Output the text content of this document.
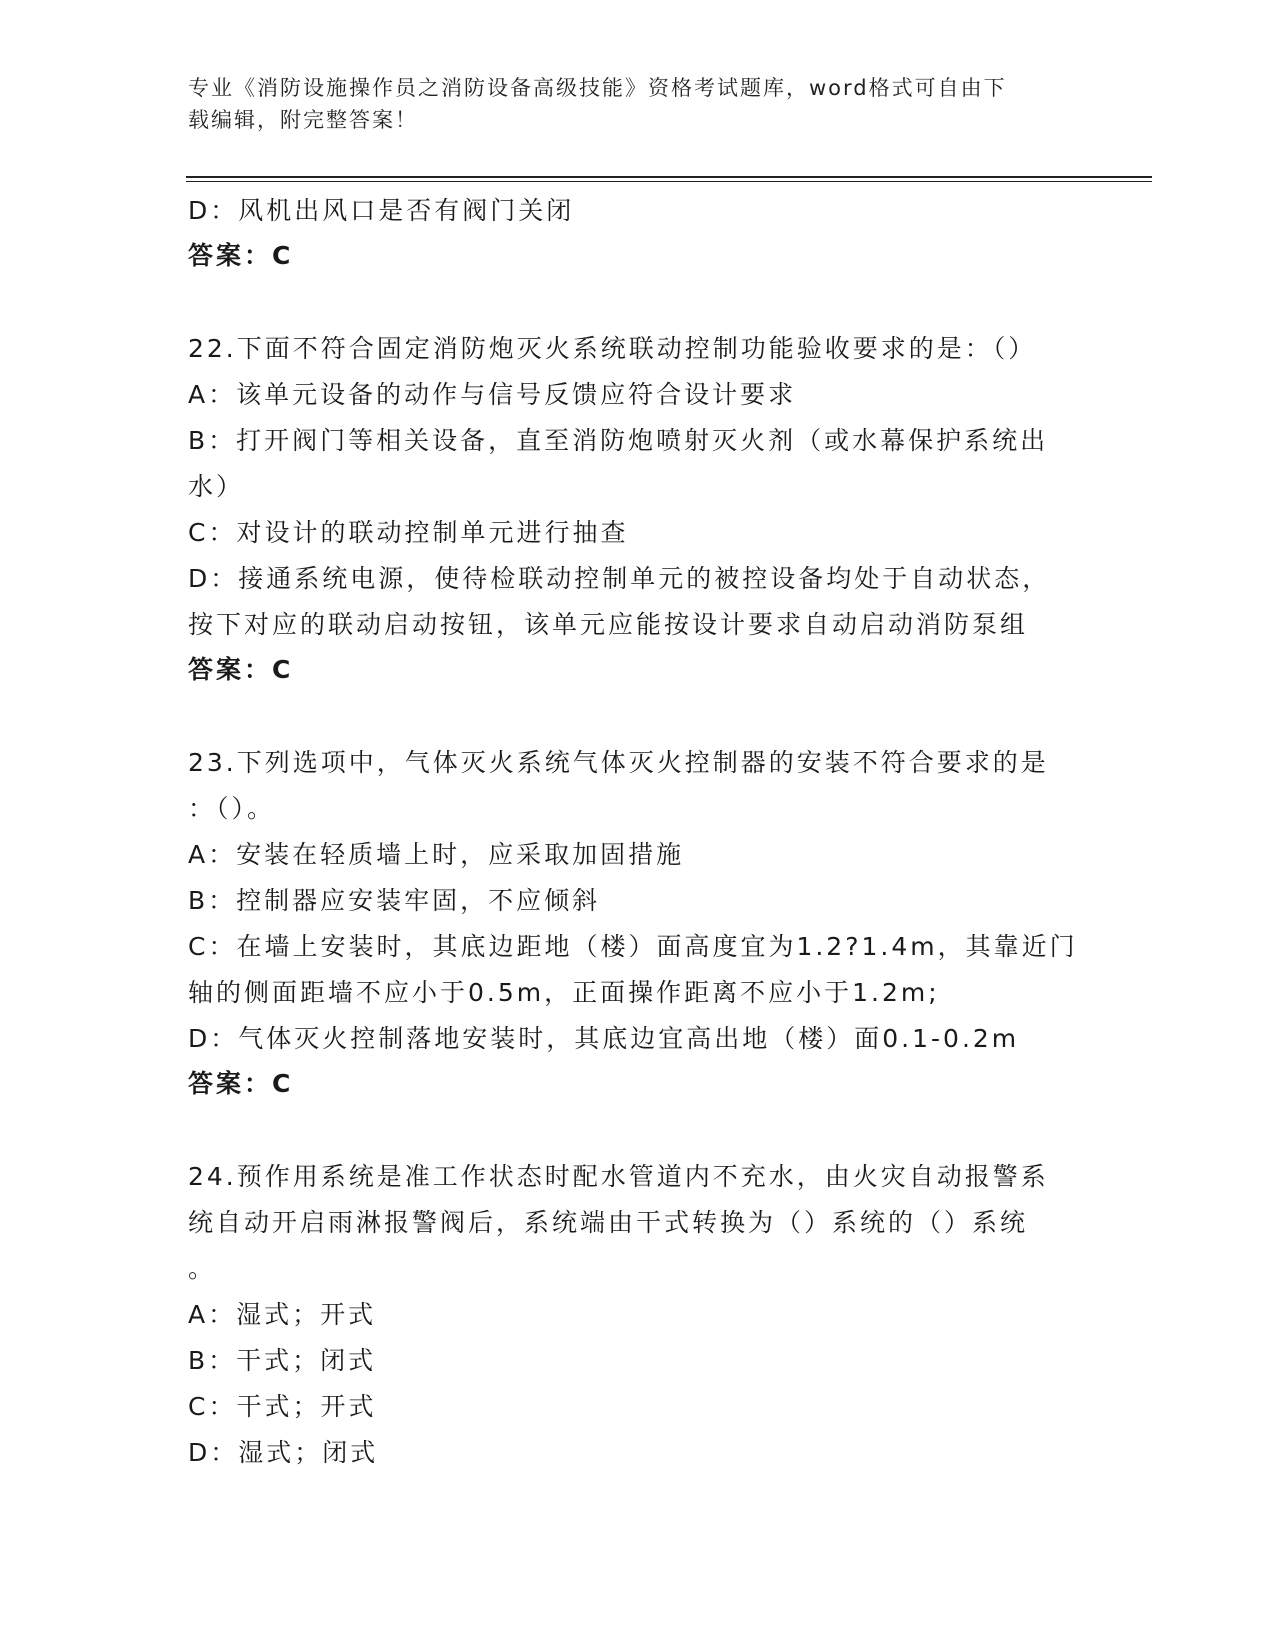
专业《消防设施操作员之消防设备高级技能》资格考试题库，word格式可自由下
载编辑，附完整答案！
D：风机出风口是否有阀门关闭
答案：C
22.下面不符合固定消防炮灭火系统联动控制功能验收要求的是：（）
A：该单元设备的动作与信号反馈应符合设计要求
B：打开阀门等相关设备，直至消防炮喷射灭火剂（或水幕保护系统出
水）
C：对设计的联动控制单元进行抽查
D：接通系统电源，使待检联动控制单元的被控设备均处于自动状态，
按下对应的联动启动按钮，该单元应能按设计要求自动启动消防泵组
答案：C
23.下列选项中，气体灭火系统气体灭火控制器的安装不符合要求的是
：（）。
A：安装在轻质墙上时，应采取加固措施
B：控制器应安装牢固，不应倾斜
C：在墙上安装时，其底边距地（楼）面高度宜为1.2?1.4m，其靠近门
轴的侧面距墙不应小于0.5m，正面操作距离不应小于1.2m;
D：气体灭火控制落地安装时，其底边宜高出地（楼）面0.1-0.2m
答案：C
24.预作用系统是准工作状态时配水管道内不充水，由火灾自动报警系
统自动开启雨淋报警阀后，系统端由干式转换为（）系统的（）系统
。
A：湿式；开式
B：干式；闭式
C：干式；开式
D：湿式；闭式
